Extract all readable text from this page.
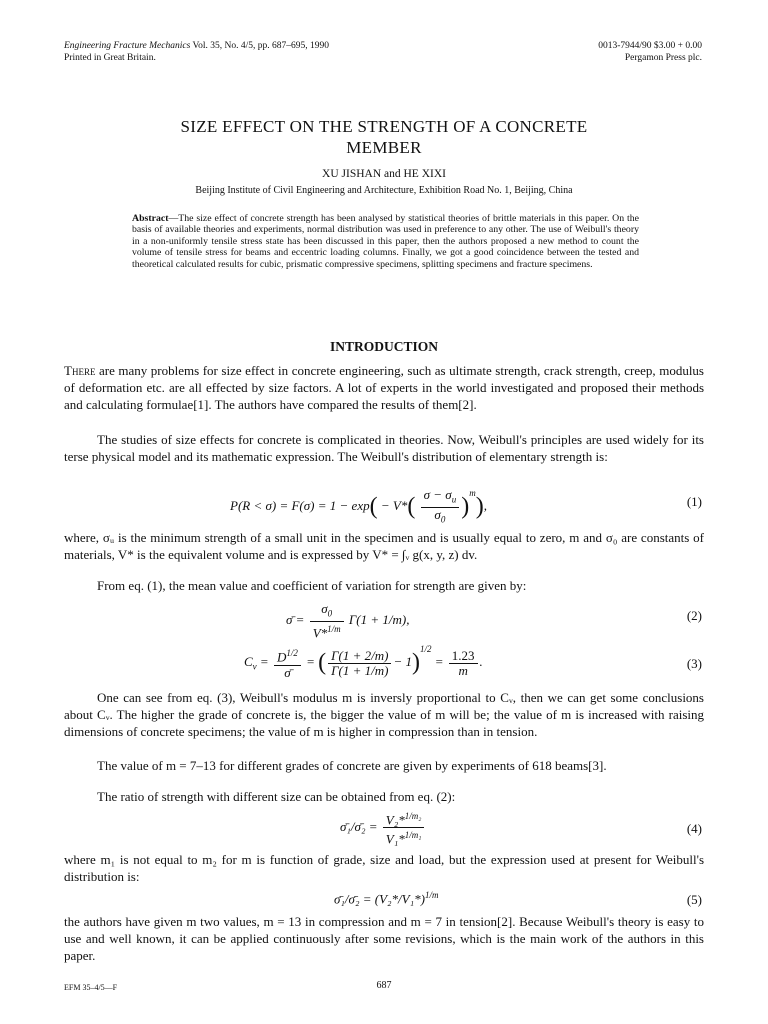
Engineering Fracture Mechanics Vol. 35, No. 4/5, pp. 687–695, 1990
Printed in Great Britain.
0013-7944/90 $3.00 + 0.00
Pergamon Press plc.
SIZE EFFECT ON THE STRENGTH OF A CONCRETE
MEMBER
XU JISHAN and HE XIXI
Beijing Institute of Civil Engineering and Architecture, Exhibition Road No. 1, Beijing, China
Abstract—The size effect of concrete strength has been analysed by statistical theories of brittle materials in this paper. On the basis of available theories and experiments, normal distribution was used in preference to any other. The use of Weibull's theory in a non-uniformly tensile stress state has been discussed in this paper, then the authors proposed a new method to count the volume of tensile stress for beams and eccentric loading columns. Finally, we got a good coincidence between the tested and theoretical calculated results for cubic, prismatic compressive specimens, splitting specimens and fracture specimens.
INTRODUCTION
There are many problems for size effect in concrete engineering, such as ultimate strength, crack strength, creep, modulus of deformation etc. are all effected by size factors. A lot of experts in the world investigated and proposed their methods and calculating formulae[1]. The authors have compared the results of them[2].
The studies of size effects for concrete is complicated in theories. Now, Weibull's principles are used widely for its terse physical model and its mathematic expression. The Weibull's distribution of elementary strength is:
$P(R < \sigma) = F(\sigma) = 1 - \exp( - V*( \frac{\sigma - \sigma_u}{\sigma_0} )^m)$,	(1)
where, σᵤ is the minimum strength of a small unit in the specimen and is usually equal to zero, m and σ₀ are constants of materials, V* is the equivalent volume and is expressed by V* = ∫ᵥ g(x, y, z) dv.
From eq. (1), the mean value and coefficient of variation for strength are given by:
σ̄ = $\frac{\sigma_0}{V*^{1/m}} \Gamma(1 + 1/m)$,	(2)
$C_v = \frac{D^{1/2}}{\sigmā}$ = ( $\frac{\Gamma(1 + 2/m)}{\Gamma(1 + 1/m)} - 1)^{1/2} = \frac{1.23}{m}$ .	(3)
One can see from eq. (3), Weibull's modulus m is inversly proportional to Cᵥ, then we can get some conclusions about Cᵥ. The higher the grade of concrete is, the bigger the value of m will be; the value of m is increased with raising dimensions of concrete specimens; the value of m is higher in compression than in tension.
The value of m = 7–13 for different grades of concrete are given by experiments of 618 beams[3].
The ratio of strength with different size can be obtained from eq. (2):
σ̄₁/σ̄₂ = $\frac{V_2*^{1/m_2}}{V_1*^{1/m_1}}$	(4)
where m₁ is not equal to m₂ for m is function of grade, size and load, but the expression used at present for Weibull's distribution is:
σ̄₁/σ̄₂ = $(V_2*/V_1*)^{1/m}$	(5)
the authors have given m two values, m = 13 in compression and m = 7 in tension[2]. Because Weibull's theory is easy to use and well known, it can be applied continuously after some revisions, which is the main work of the authors in this paper.
EFM 35–4/5—F	687
